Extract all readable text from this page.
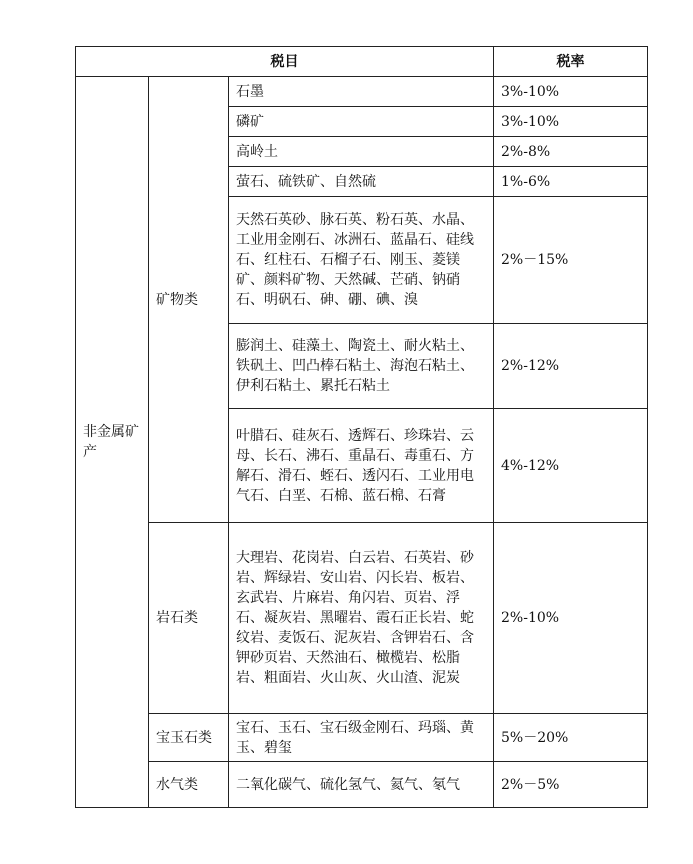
税目			税率
非金属矿产	矿物类	石墨	3%-10%
		磷矿	3%-10%
		高岭土	2%-8%
		萤石、硫铁矿、自然硫	1%-6%
		天然石英砂、脉石英、粉石英、水晶、工业用金刚石、冰洲石、蓝晶石、硅线石、红柱石、石榴子石、刚玉、菱镁矿、颜料矿物、天然碱、芒硝、钠硝石、明矾石、砷、硼、碘、溴	2%－15%
		膨润土、硅藻土、陶瓷土、耐火粘土、铁矾土、凹凸棒石粘土、海泡石粘土、伊利石粘土、累托石粘土	2%-12%
		叶腊石、硅灰石、透辉石、珍珠岩、云母、长石、沸石、重晶石、毒重石、方解石、滑石、蛭石、透闪石、工业用电气石、白垩、石棉、蓝石棉、石膏	4%-12%
	岩石类	大理岩、花岗岩、白云岩、石英岩、砂岩、辉绿岩、安山岩、闪长岩、板岩、玄武岩、片麻岩、角闪岩、页岩、浮石、凝灰岩、黑曜岩、霞石正长岩、蛇纹岩、麦饭石、泥灰岩、含钾岩石、含钾砂页岩、天然油石、橄榄岩、松脂岩、粗面岩、火山灰、火山渣、泥炭	2%-10%
	宝玉石类	宝石、玉石、宝石级金刚石、玛瑙、黄玉、碧玺	5%－20%
	水气类	二氧化碳气、硫化氢气、氦气、氡气	2%－5%
